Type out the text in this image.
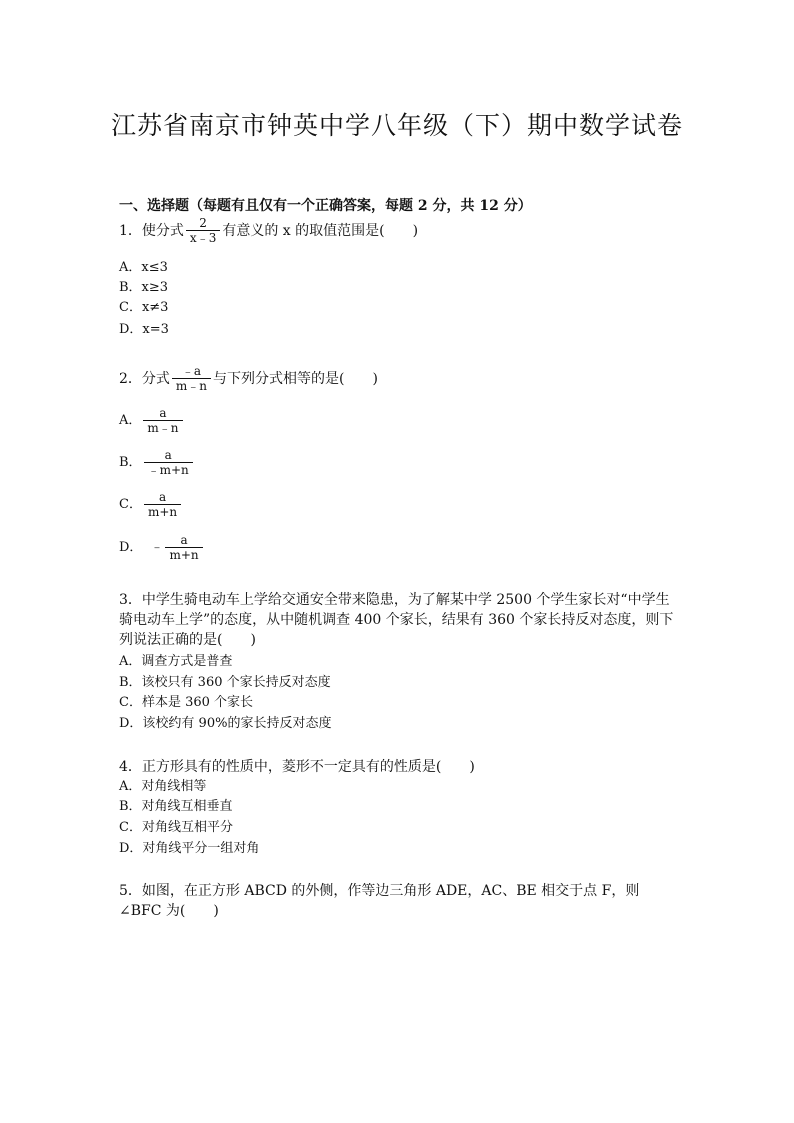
江苏省南京市钟英中学八年级（下）期中数学试卷
一、选择题（每题有且仅有一个正确答案，每题 2 分，共 12 分）
1．使分式 $\frac{2}{x﹣3}$ 有意义的 x 的取值范围是(　　)
A．x≤3
B．x≥3
C．x≠3
D．x=3
2．分式 $\frac{﹣a}{m﹣n}$ 与下列分式相等的是(　　)
A． $\frac{a}{m﹣n}$
B． $\frac{a}{﹣m+n}$
C． $\frac{a}{m+n}$
D． ﹣ $\frac{a}{m+n}$
3．中学生骑电动车上学给交通安全带来隐患，为了解某中学 2500 个学生家长对“中学生骑电动车上学”的态度，从中随机调查 400 个家长，结果有 360 个家长持反对态度，则下列说法正确的是(　　)
A．调查方式是普查
B．该校只有 360 个家长持反对态度
C．样本是 360 个家长
D．该校约有 90%的家长持反对态度
4．正方形具有的性质中，菱形不一定具有的性质是(　　)
A．对角线相等
B．对角线互相垂直
C．对角线互相平分
D．对角线平分一组对角
5．如图，在正方形 ABCD 的外侧，作等边三角形 ADE，AC、BE 相交于点 F，则∠BFC 为(　　)
